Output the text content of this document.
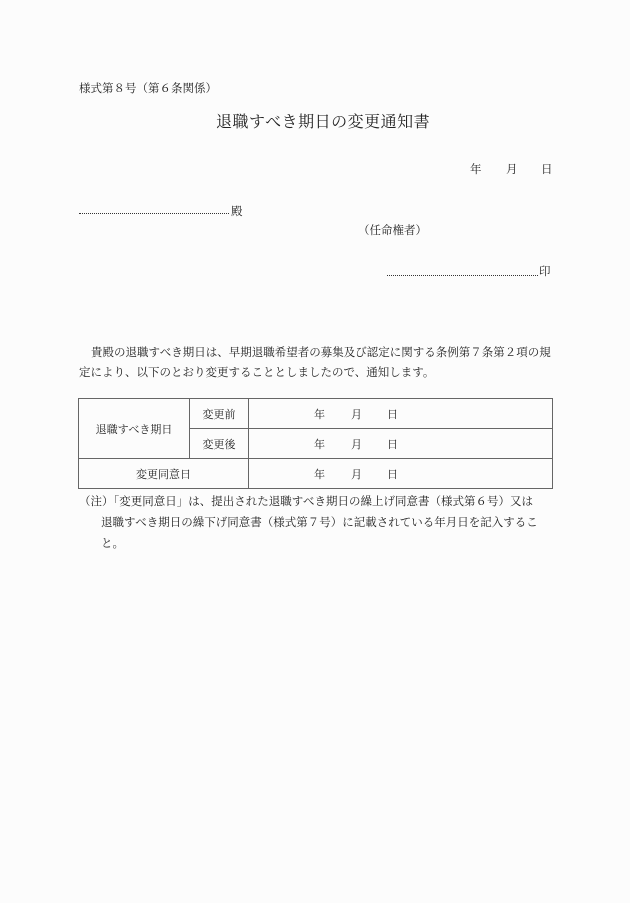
様式第８号（第６条関係）
退職すべき期日の変更通知書
年 月 日
殿
（任命権者）
印
貴殿の退職すべき期日は、早期退職希望者の募集及び認定に関する条例第７条第２項の規定により、以下のとおり変更することとしましたので、通知します。
退職すべき期日	変更前	年 月 日
	変更後	年 月 日
変更同意日		年 月 日
（注）「変更同意日」は、提出された退職すべき期日の繰上げ同意書（様式第６号）又は
退職すべき期日の繰下げ同意書（様式第７号）に記載されている年月日を記入するこ
と。
